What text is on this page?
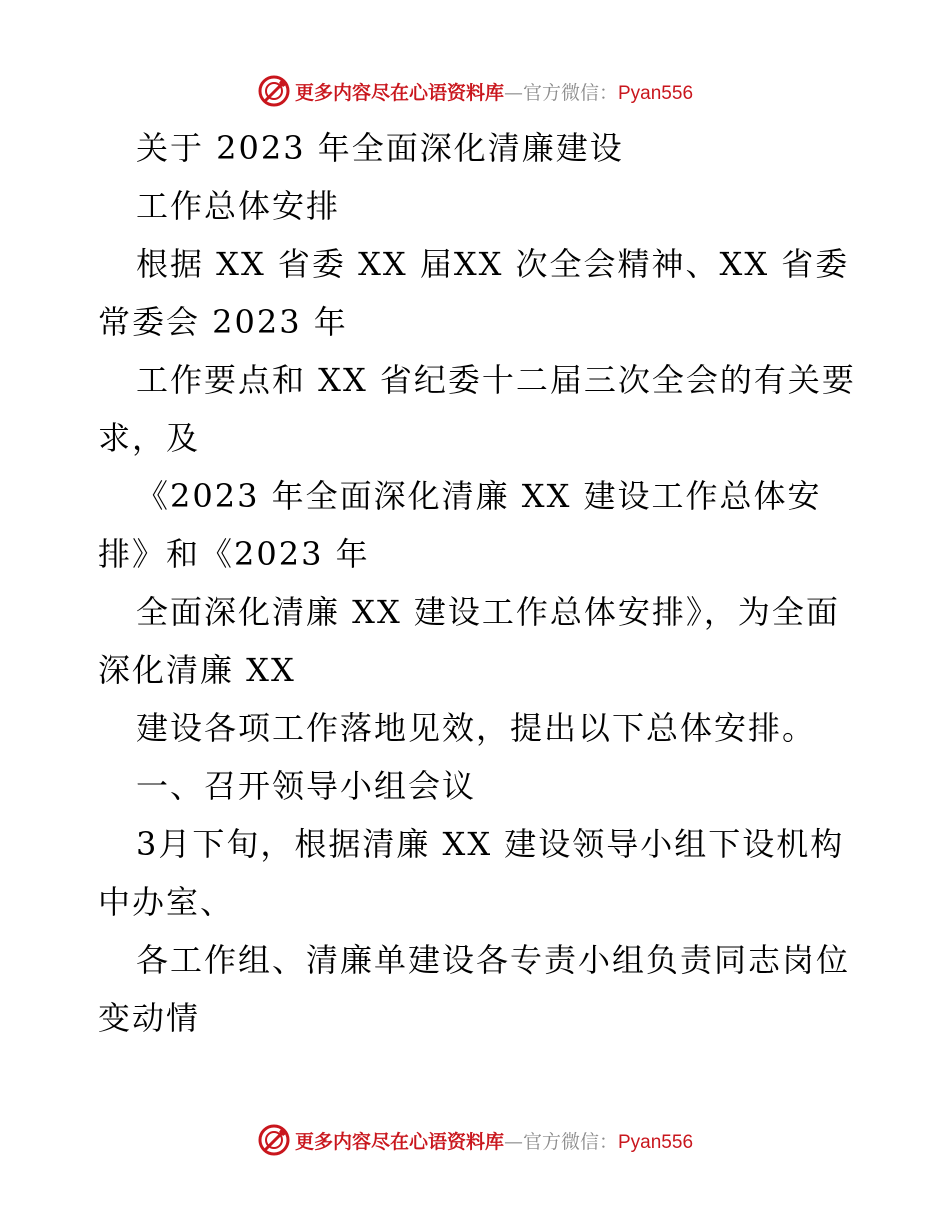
更多内容尽在心语资料库—官方微信：Pyan556
关于 2023 年全面深化清廉建设
工作总体安排
根据 XX 省委 XX 届XX 次全会精神、XX 省委
常委会 2023 年
工作要点和 XX 省纪委十二届三次全会的有关要
求，及
《2023 年全面深化清廉 XX 建设工作总体安
排》和《2023 年
全面深化清廉 XX 建设工作总体安排》，为全面
深化清廉 XX
建设各项工作落地见效，提出以下总体安排。
一、召开领导小组会议
3月下旬，根据清廉 XX 建设领导小组下设机构
中办室、
各工作组、清廉单建设各专责小组负责同志岗位
变动情
更多内容尽在心语资料库—官方微信：Pyan556
